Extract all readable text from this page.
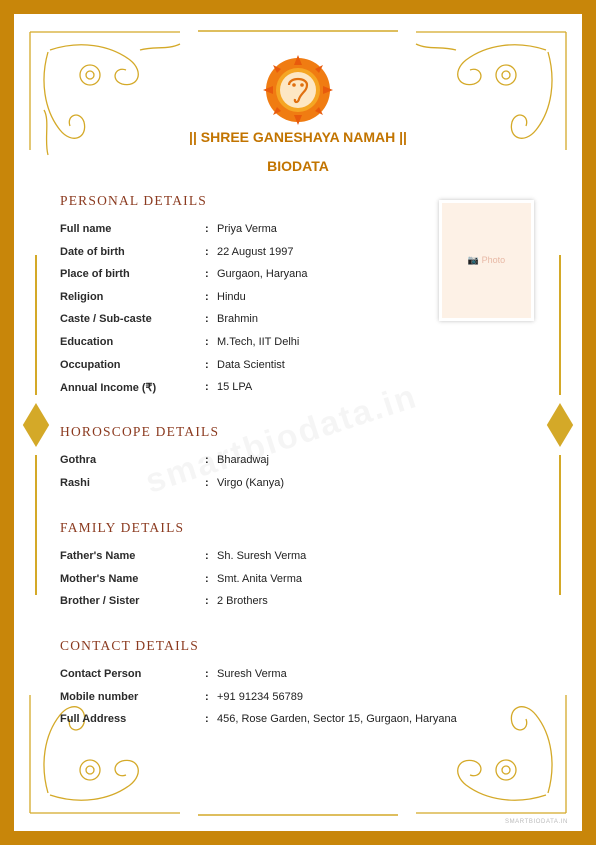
|| SHREE GANESHAYA NAMAH ||
BIODATA
📷 Photo
PERSONAL DETAILS
Full name	: Priya Verma
Date of birth	: 22 August 1997
Place of birth	: Gurgaon, Haryana
Religion	: Hindu
Caste / Sub-caste	: Brahmin
Education	: M.Tech, IIT Delhi
Occupation	: Data Scientist
Annual Income (₹)	: 15 LPA
HOROSCOPE DETAILS
Gothra	: Bharadwaj
Rashi	: Virgo (Kanya)
FAMILY DETAILS
Father's Name	: Sh. Suresh Verma
Mother's Name	: Smt. Anita Verma
Brother / Sister	: 2 Brothers
CONTACT DETAILS
Contact Person	: Suresh Verma
Mobile number	: +91 91234 56789
Full Address	: 456, Rose Garden, Sector 15, Gurgaon, Haryana
SMARTBIODATA.IN
